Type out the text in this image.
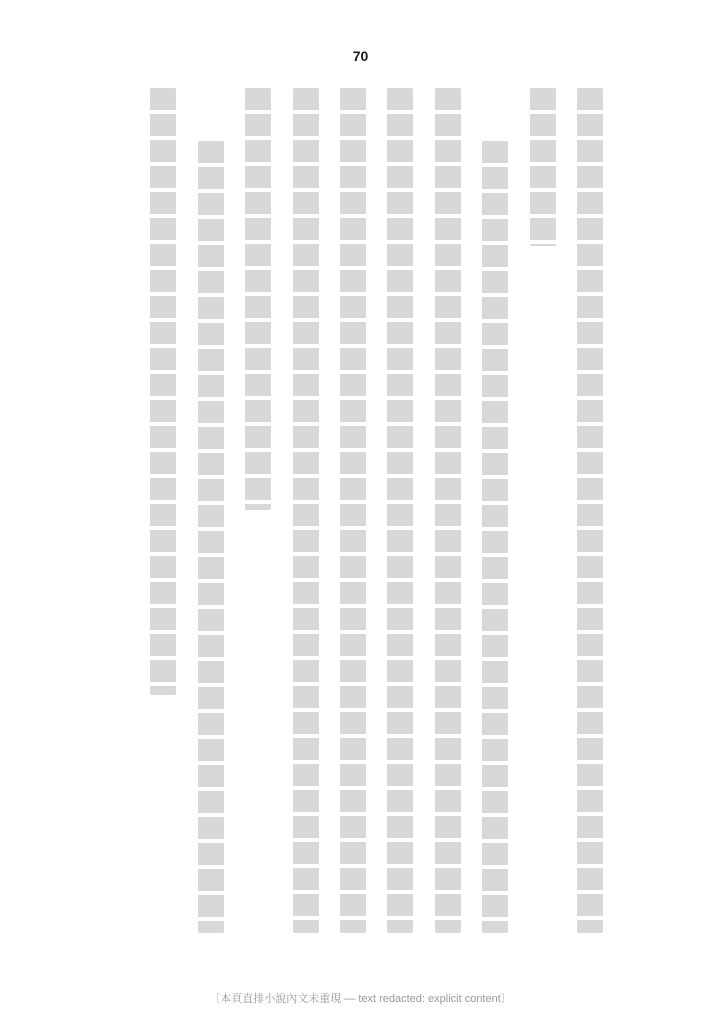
70
〔本頁直排小說內文未重現 — text redacted: explicit content〕
